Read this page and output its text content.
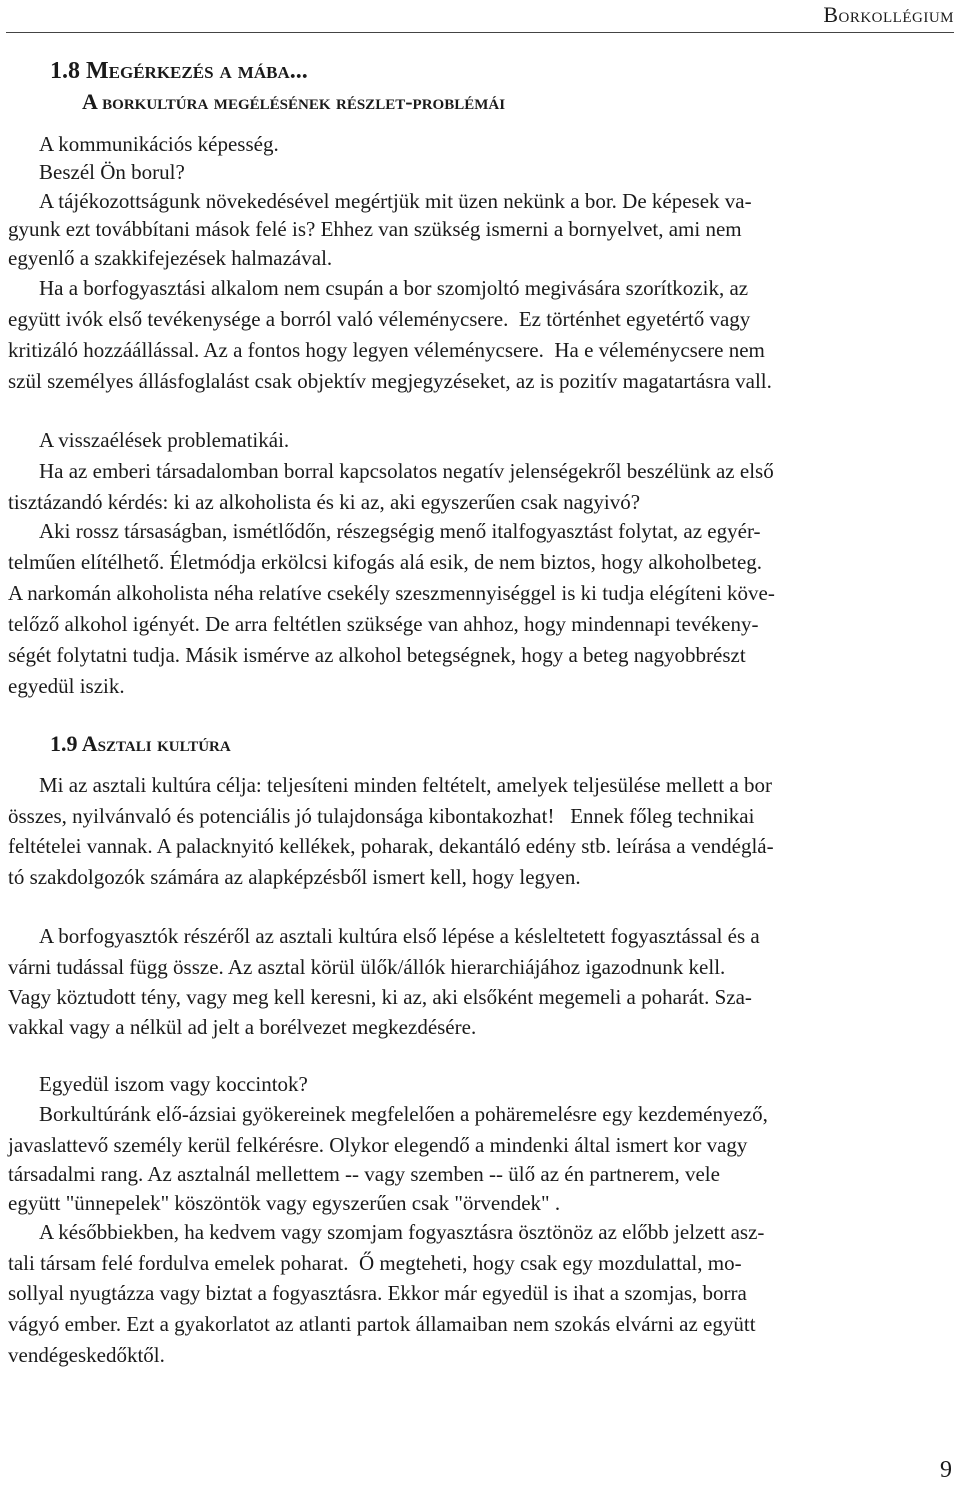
Borkollégium
1.8 Megérkezés a mába...
A borkultúra megélésének részlet-problémái
A kommunikációs képesség.
Beszél Ön borul?
A tájékozottságunk növekedésével megértjük mit üzen nekünk a bor. De képesek va-
gyunk ezt továbbítani mások felé is? Ehhez van szükség ismerni a bornyelvet, ami nem
egyenlő a szakkifejezések halmazával.
Ha a borfogyasztási alkalom nem csupán a bor szomjoltó megivására szorítkozik, az
együtt ivók első tevékenysége a borról való véleménycsere.  Ez történhet egyetértő vagy
kritizáló hozzáállással. Az a fontos hogy legyen véleménycsere.  Ha e véleménycsere nem
szül személyes állásfoglalást csak objektív megjegyzéseket, az is pozitív magatartásra vall.
A visszaélések problematikái.
Ha az emberi társadalomban borral kapcsolatos negatív jelenségekről beszélünk az első
tisztázandó kérdés: ki az alkoholista és ki az, aki egyszerűen csak nagyivó?
Aki rossz társaságban, ismétlődőn, részegségig menő italfogyasztást folytat, az egyér-
telműen elítélhető. Életmódja erkölcsi kifogás alá esik, de nem biztos, hogy alkoholbeteg.
A narkomán alkoholista néha relatíve csekély szeszmennyiséggel is ki tudja elégíteni köve-
telőző alkohol igényét. De arra feltétlen szüksége van ahhoz, hogy mindennapi tevékeny-
ségét folytatni tudja. Másik ismérve az alkohol betegségnek, hogy a beteg nagyobbrészt
egyedül iszik.
1.9 Asztali kultúra
Mi az asztali kultúra célja: teljesíteni minden feltételt, amelyek teljesülése mellett a bor
összes, nyilvánvaló és potenciális jó tulajdonsága kibontakozhat!   Ennek főleg technikai
feltételei vannak. A palacknyitó kellékek, poharak, dekantáló edény stb. leírása a vendéglá-
tó szakdolgozók számára az alapképzésből ismert kell, hogy legyen.
A borfogyasztók részéről az asztali kultúra első lépése a késleltetett fogyasztással és a
várni tudással függ össze. Az asztal körül ülők/állók hierarchiájához igazodnunk kell.
Vagy köztudott tény, vagy meg kell keresni, ki az, aki elsőként megemeli a poharát. Sza-
vakkal vagy a nélkül ad jelt a borélvezet megkezdésére.
Egyedül iszom vagy koccintok?
Borkultúránk elő-ázsiai gyökereinek megfelelően a pohäremelésre egy kezdeményező,
javaslattevő személy kerül felkérésre. Olykor elegendő a mindenki által ismert kor vagy
társadalmi rang. Az asztalnál mellettem -- vagy szemben -- ülő az én partnerem, vele
együtt "ünnepelek" köszöntök vagy egyszerűen csak "örvendek" .
A későbbiekben, ha kedvem vagy szomjam fogyasztásra ösztönöz az előbb jelzett asz-
tali társam felé fordulva emelek poharat.  Ő megteheti, hogy csak egy mozdulattal, mo-
sollyal nyugtázza vagy biztat a fogyasztásra. Ekkor már egyedül is ihat a szomjas, borra
vágyó ember. Ezt a gyakorlatot az atlanti partok államaiban nem szokás elvárni az együtt
vendégeskedőktől.
9
